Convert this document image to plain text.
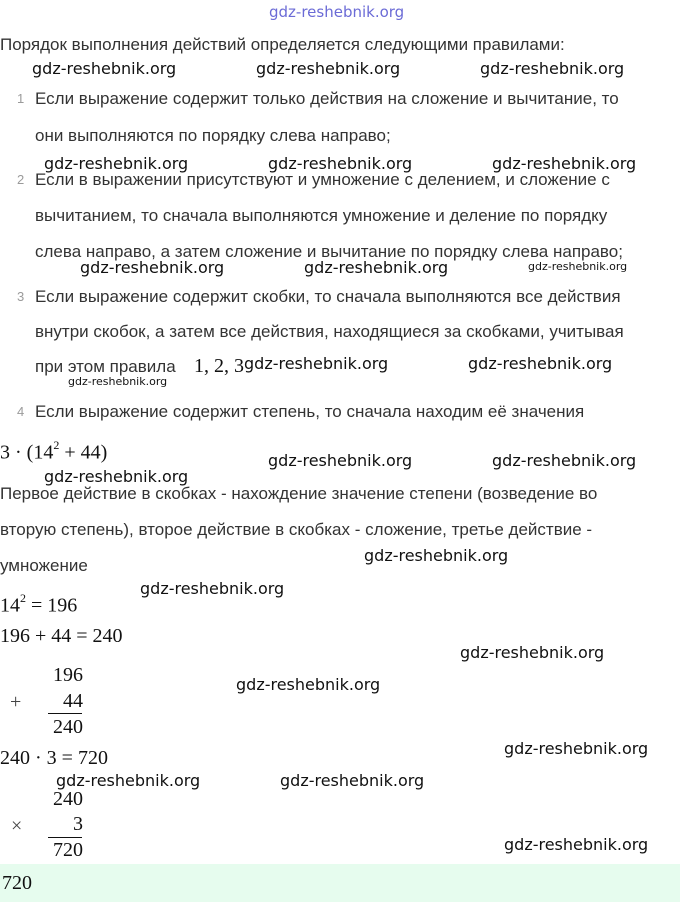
gdz-reshebnik.org
Порядок выполнения действий определяется следующими правилами:
gdz-reshebnik.org	gdz-reshebnik.org	gdz-reshebnik.org
1 Если выражение содержит только действия на сложение и вычитание, то
они выполняются по порядку слева направо;
gdz-reshebnik.org	gdz-reshebnik.org	gdz-reshebnik.org
2 Если в выражении присутствуют и умножение с делением, и сложение с
вычитанием, то сначала выполняются умножение и деление по порядку
слева направо, а затем сложение и вычитание по порядку слева направо;
gdz-reshebnik.org	gdz-reshebnik.org	gdz-reshebnik.org
3 Если выражение содержит скобки, то сначала выполняются все действия
внутри скобок, а затем все действия, находящиеся за скобками, учитывая
при этом правила 1, 2, 3 gdz-reshebnik.org	gdz-reshebnik.org
gdz-reshebnik.org
4 Если выражение содержит степень, то сначала находим её значения
$3 \cdot (14^2 + 44)$	gdz-reshebnik.org	gdz-reshebnik.org
gdz-reshebnik.org
Первое действие в скобках - нахождение значение степени (возведение во
вторую степень), второе действие в скобках - сложение, третье действие -
умножение
gdz-reshebnik.org
gdz-reshebnik.org
$14^2 = 196$
196 + 44 = 240
gdz-reshebnik.org
196
+	44
240
gdz-reshebnik.org
240 · 3 = 720	gdz-reshebnik.org
gdz-reshebnik.org	gdz-reshebnik.org
240
×	3
720	gdz-reshebnik.org
720
